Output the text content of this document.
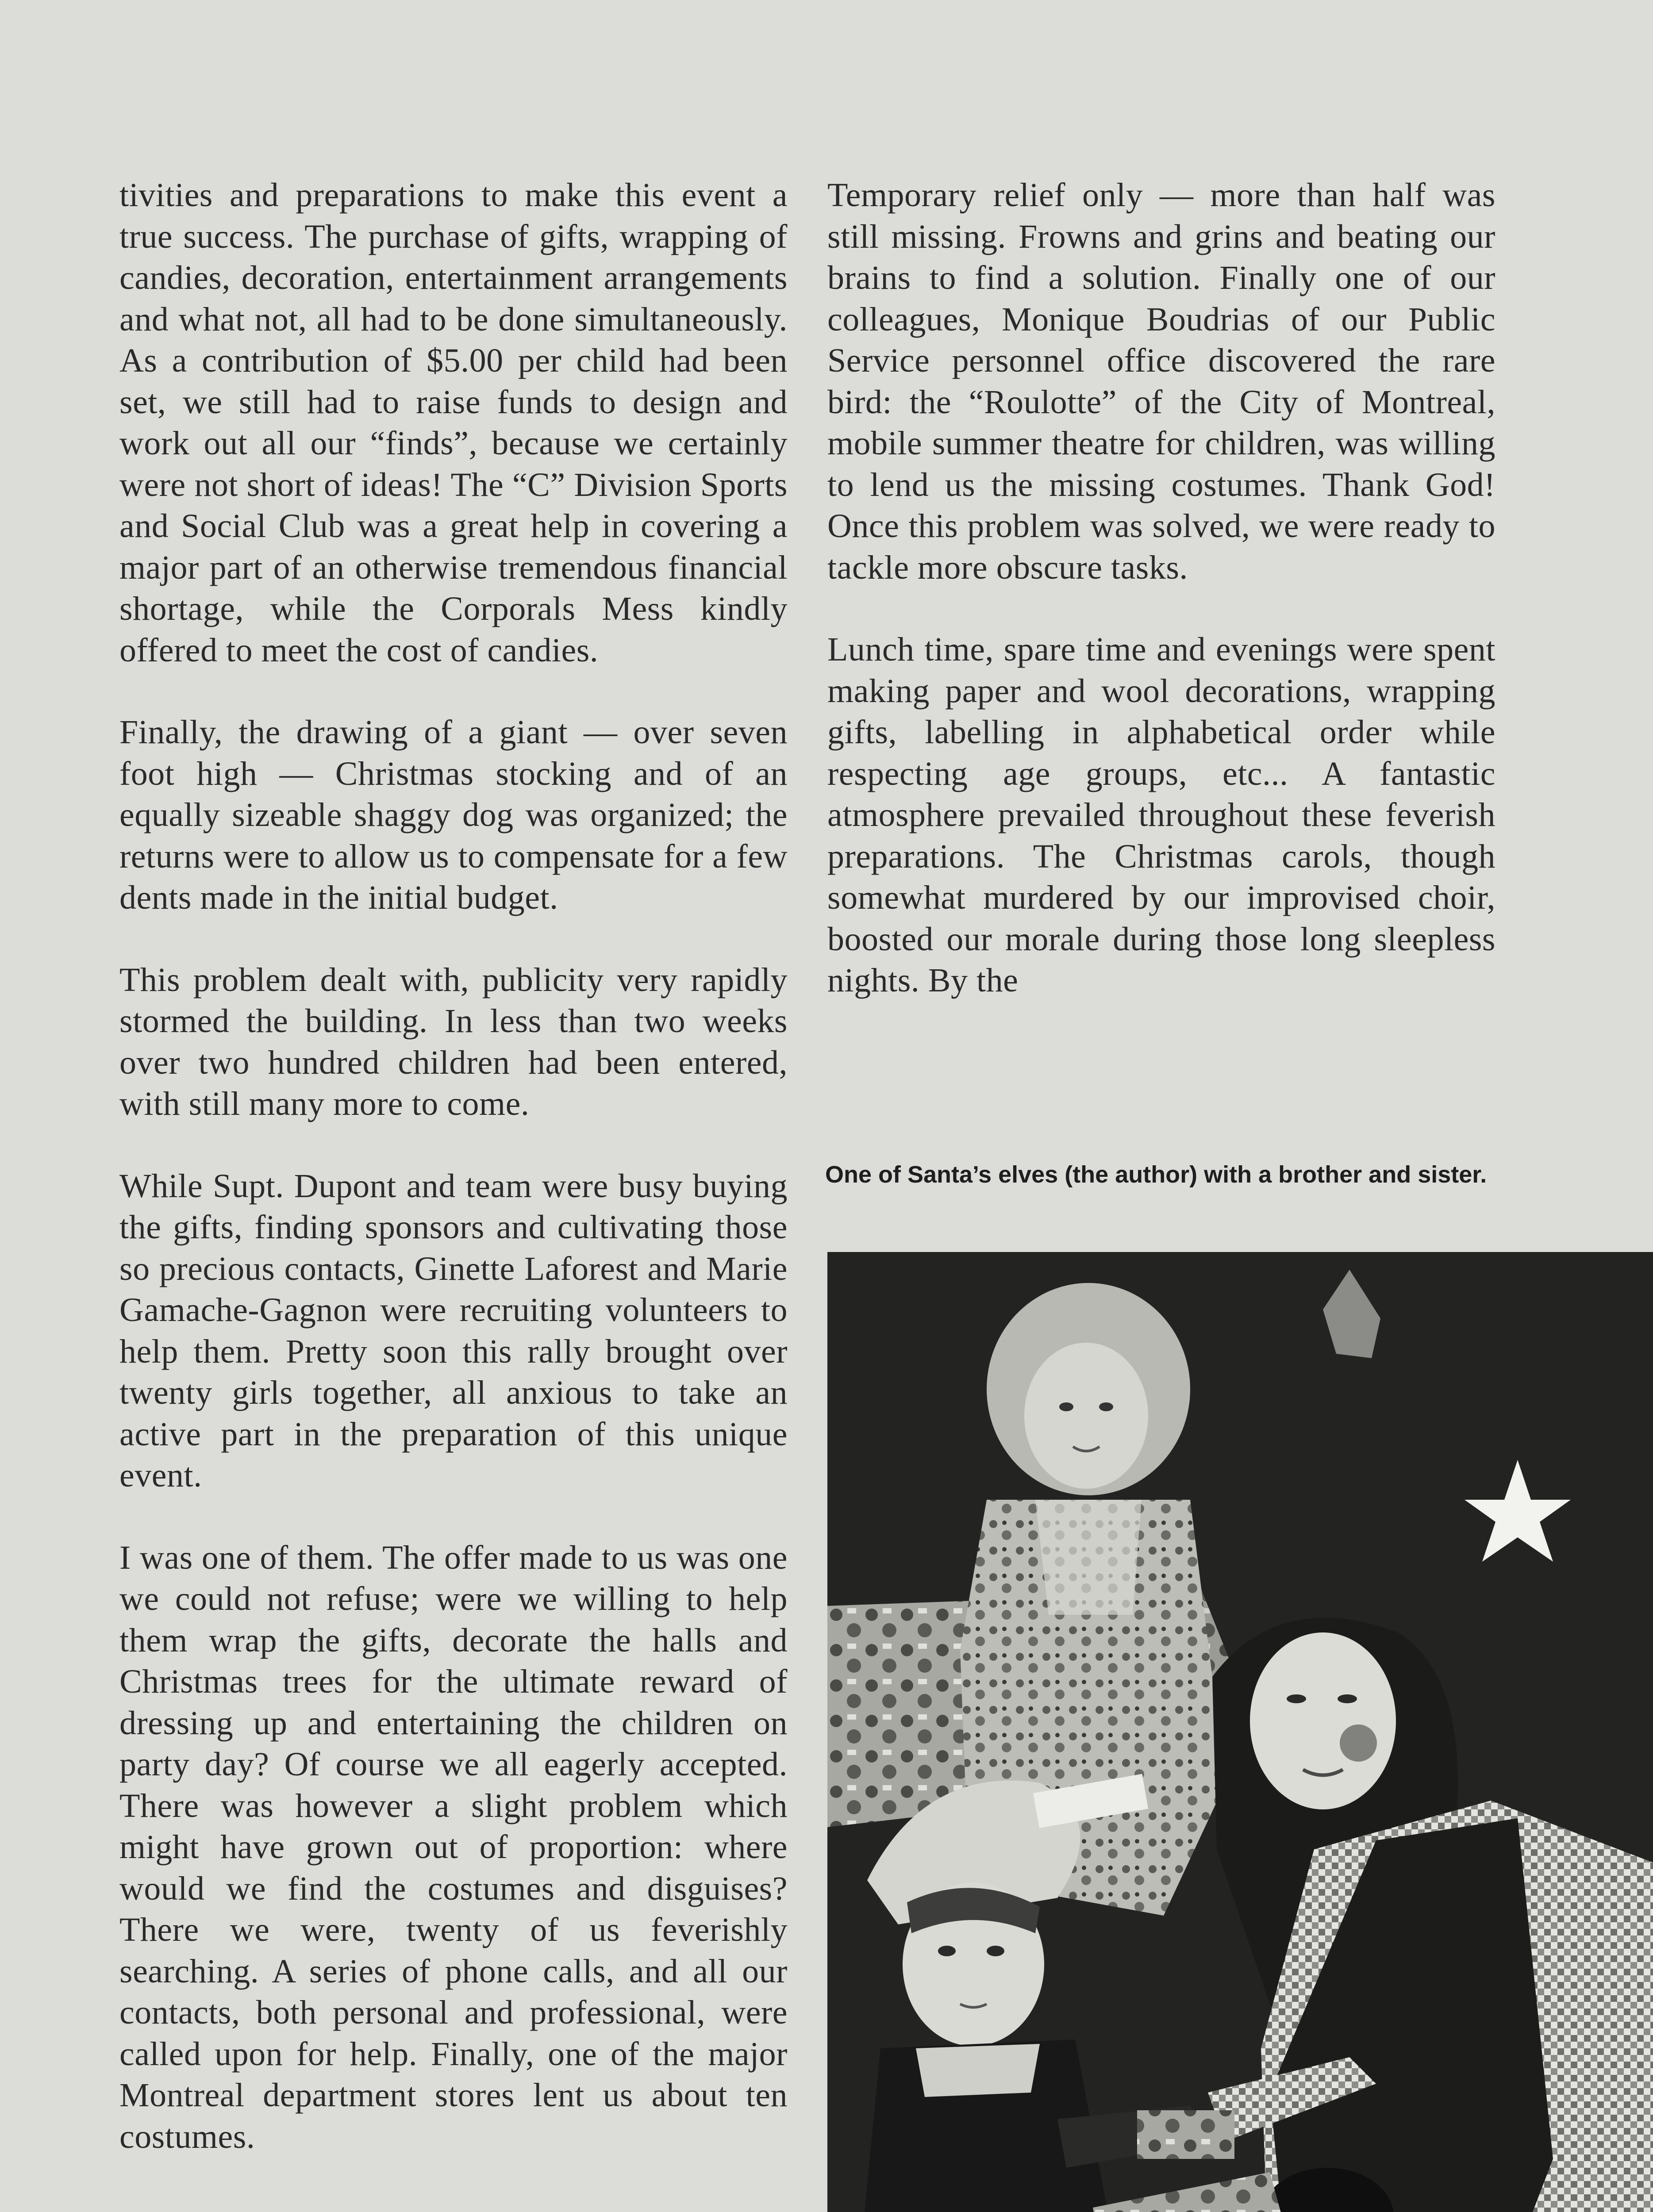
tivities and preparations to make this event a true success. The purchase of gifts, wrapping of candies, decoration, entertainment arrangements and what not, all had to be done simultaneously. As a contribution of $5.00 per child had been set, we still had to raise funds to design and work out all our “finds”, because we certainly were not short of ideas! The “C” Division Sports and Social Club was a great help in covering a major part of an otherwise tremendous financial shortage, while the Corporals Mess kindly offered to meet the cost of candies.

Finally, the drawing of a giant — over seven foot high — Christmas stocking and of an equally sizeable shaggy dog was organized; the returns were to allow us to compensate for a few dents made in the initial budget.

This problem dealt with, publicity very rapidly stormed the building. In less than two weeks over two hundred children had been entered, with still many more to come.

While Supt. Dupont and team were busy buying the gifts, finding sponsors and cultivating those so precious contacts, Ginette Laforest and Marie Gamache-Gagnon were recruiting volunteers to help them. Pretty soon this rally brought over twenty girls together, all anxious to take an active part in the preparation of this unique event.

I was one of them. The offer made to us was one we could not refuse; were we willing to help them wrap the gifts, decorate the halls and Christmas trees for the ultimate reward of dressing up and entertaining the children on party day? Of course we all eagerly accepted. There was however a slight problem which might have grown out of proportion: where would we find the costumes and disguises? There we were, twenty of us feverishly searching. A series of phone calls, and all our contacts, both personal and professional, were called upon for help. Finally, one of the major Montreal department stores lent us about ten costumes.

Temporary relief only — more than half was still missing. Frowns and grins and beating our brains to find a solution. Finally one of our colleagues, Monique Boudrias of our Public Service personnel office discovered the rare bird: the “Roulotte” of the City of Montreal, mobile summer theatre for children, was willing to lend us the missing costumes. Thank God! Once this problem was solved, we were ready to tackle more obscure tasks.

Lunch time, spare time and evenings were spent making paper and wool decorations, wrapping gifts, labelling in alphabetical order while respecting age groups, etc... A fantastic atmosphere prevailed throughout these feverish preparations. The Christmas carols, though somewhat murdered by our improvised choir, boosted our morale during those long sleepless nights. By the

One of Santa’s elves (the author) with a brother and sister.
